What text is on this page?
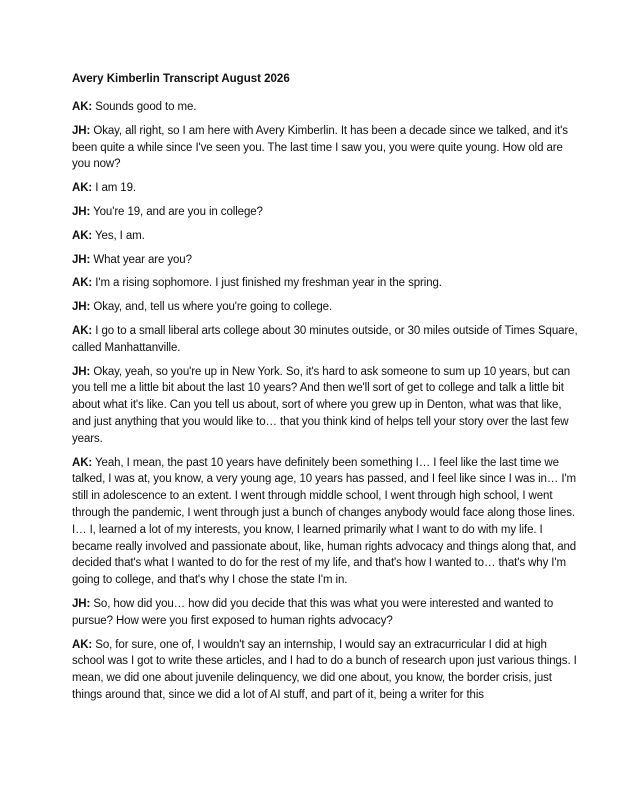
Avery Kimberlin Transcript August 2026

AK: Sounds good to me.

JH: Okay, all right, so I am here with Avery Kimberlin. It has been a decade since we talked, and it's been quite a while since I've seen you. The last time I saw you, you were quite young. How old are you now?

AK: I am 19.

JH: You're 19, and are you in college?

AK: Yes, I am.

JH: What year are you?

AK: I'm a rising sophomore. I just finished my freshman year in the spring.

JH: Okay, and, tell us where you're going to college.

AK: I go to a small liberal arts college about 30 minutes outside, or 30 miles outside of Times Square, called Manhattanville.

JH: Okay, yeah, so you're up in New York. So, it's hard to ask someone to sum up 10 years, but can you tell me a little bit about the last 10 years? And then we'll sort of get to college and talk a little bit about what it's like. Can you tell us about, sort of where you grew up in Denton, what was that like, and just anything that you would like to… that you think kind of helps tell your story over the last few years.

AK: Yeah, I mean, the past 10 years have definitely been something I… I feel like the last time we talked, I was at, you know, a very young age, 10 years has passed, and I feel like since I was in… I'm still in adolescence to an extent. I went through middle school, I went through high school, I went through the pandemic, I went through just a bunch of changes anybody would face along those lines. I… I, learned a lot of my interests, you know, I learned primarily what I want to do with my life. I became really involved and passionate about, like, human rights advocacy and things along that, and decided that's what I wanted to do for the rest of my life, and that's how I wanted to… that's why I'm going to college, and that's why I chose the state I'm in.

JH: So, how did you… how did you decide that this was what you were interested and wanted to pursue? How were you first exposed to human rights advocacy?

AK: So, for sure, one of, I wouldn't say an internship, I would say an extracurricular I did at high school was I got to write these articles, and I had to do a bunch of research upon just various things. I mean, we did one about juvenile delinquency, we did one about, you know, the border crisis, just things around that, since we did a lot of AI stuff, and part of it, being a writer for this
